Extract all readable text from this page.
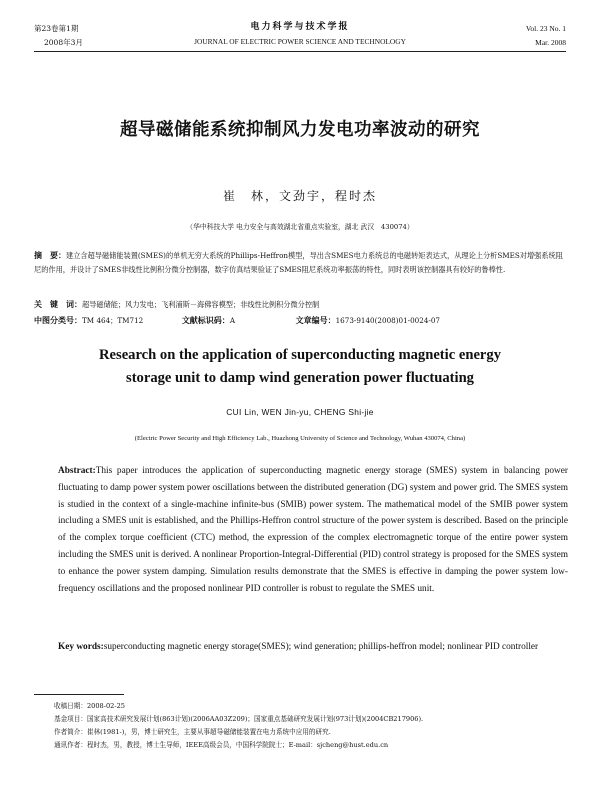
第23卷第1期
2008年3月
电力科学与技术学报
JOURNAL OF ELECTRIC POWER SCIENCE AND TECHNOLOGY
Vol. 23 No. 1
Mar. 2008
超导磁储能系统抑制风力发电功率波动的研究
崔　林，文劲宇，程时杰
（华中科技大学 电力安全与高效湖北省重点实验室，湖北 武汉　430074）
摘　要：建立含超导磁储能装置(SMES)的单机无穷大系统的Phillips-Heffron模型，导出含SMES电力系统总的电磁转矩表达式，从理论上分析SMES对增强系统阻尼的作用，并设计了SMES非线性比例积分微分控制器，数字仿真结果验证了SMES阻尼系统功率振荡的特性，同时表明该控制器具有较好的鲁棒性.
关　键　词：超导磁储能；风力发电；飞利浦斯－海佛容模型；非线性比例积分微分控制
中图分类号：TM 464；TM712	文献标识码：A	文章编号：1673-9140(2008)01-0024-07
Research on the application of superconducting magnetic energy
storage unit to damp wind generation power fluctuating
CUI Lin, WEN Jin-yu, CHENG Shi-jie
(Electric Power Security and High Efficiency Lab., Huazhong University of Science and Technology, Wuhan 430074, China)
Abstract:This paper introduces the application of superconducting magnetic energy storage (SMES) system in balancing power fluctuating to damp power system power oscillations between the distributed generation (DG) system and power grid. The SMES system is studied in the context of a single-machine infinite-bus (SMIB) power system. The mathematical model of the SMIB power system including a SMES unit is established, and the Phillips-Heffron control structure of the power system is described. Based on the principle of the complex torque coefficient (CTC) method, the expression of the complex electromagnetic torque of the entire power system including the SMES unit is derived. A nonlinear Proportion-Integral-Differential (PID) control strategy is proposed for the SMES system to enhance the power system damping. Simulation results demonstrate that the SMES is effective in damping the power system low-frequency oscillations and the proposed nonlinear PID controller is robust to regulate the SMES unit.
Key words:superconducting magnetic energy storage(SMES); wind generation; phillips-heffron model; nonlinear PID controller
收稿日期：2008-02-25
基金项目：国家高技术研究发展计划(863计划)(2006AA03Z209)；国家重点基础研究发展计划(973计划)(2004CB217906).
作者简介：崔林(1981-)，男，博士研究生，主要从事超导磁储能装置在电力系统中应用的研究.
通讯作者：程时杰，男，教授，博士生导师，IEEE高级会员，中国科学院院士；E-mail：sjcheng@hust.edu.cn
